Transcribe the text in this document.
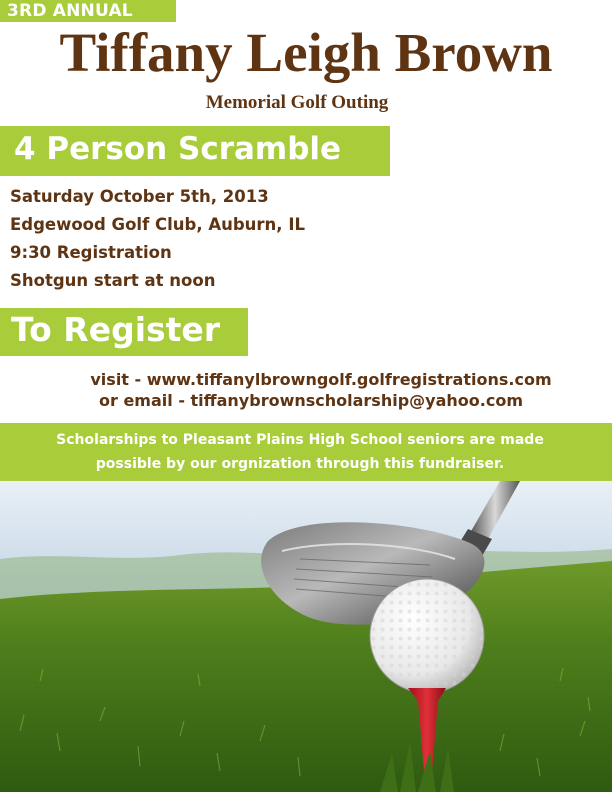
3RD ANNUAL
Tiffany Leigh Brown
Memorial Golf Outing
4 Person Scramble
Saturday October 5th, 2013
Edgewood Golf Club, Auburn, IL
9:30 Registration
Shotgun start at noon
To Register
visit - www.tiffanylbrowngolf.golfregistrations.com
or email - tiffanybrownscholarship@yahoo.com
Scholarships to Pleasant Plains High School seniors are made
possible by our orgnization through this fundraiser.
